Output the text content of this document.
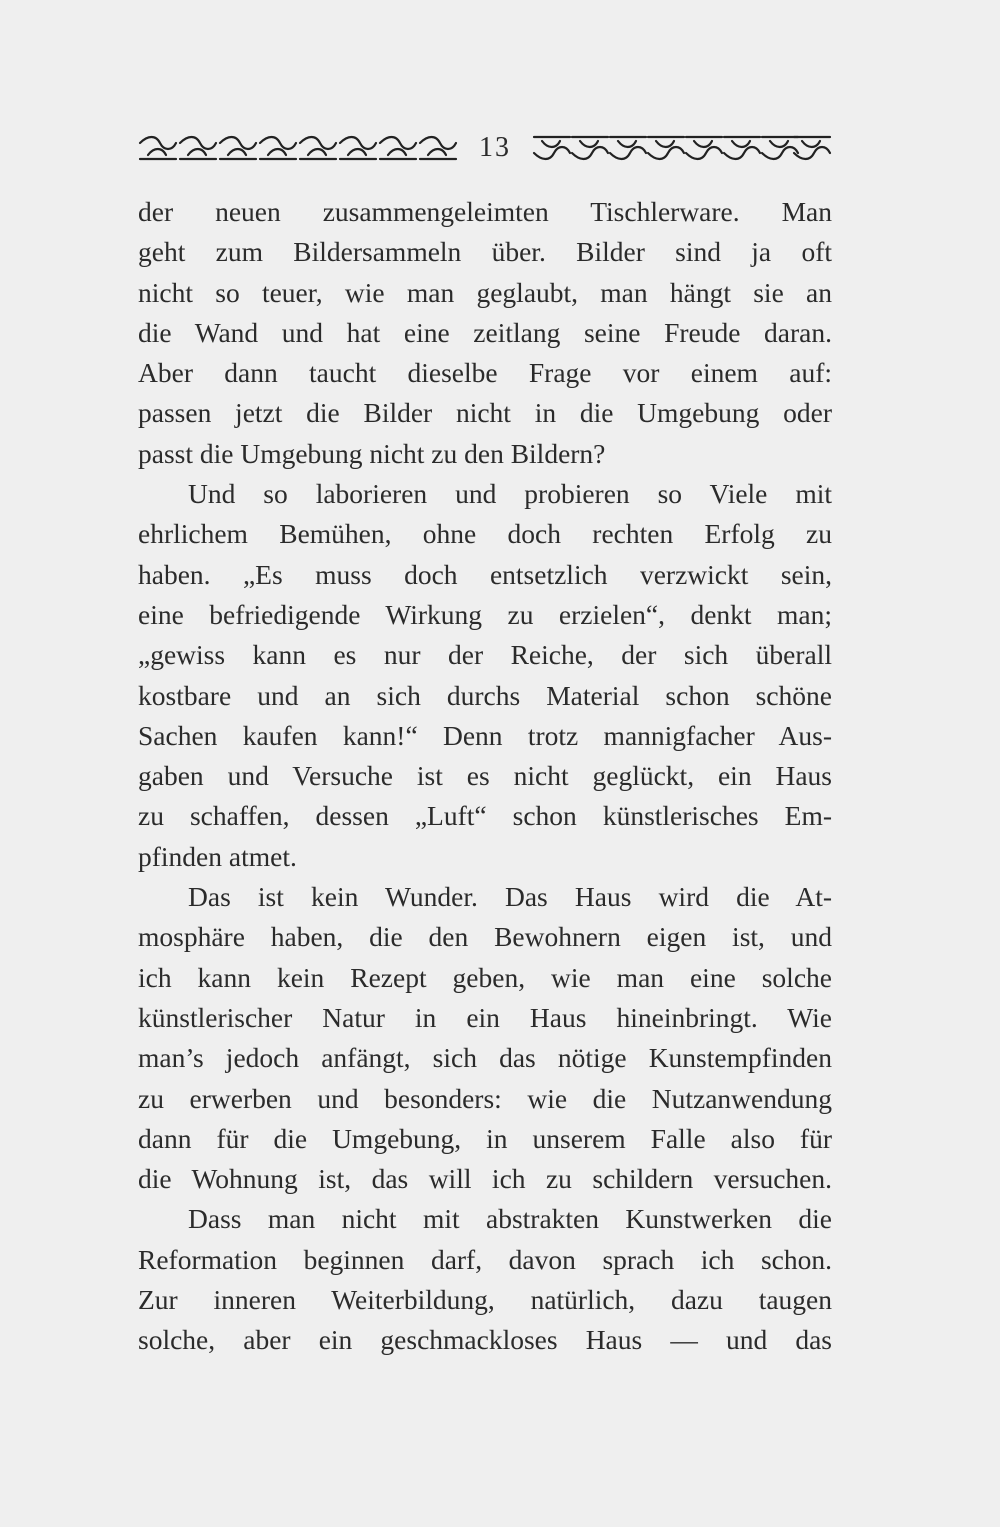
13

der neuen zusammengeleimten Tischlerware. Man
geht zum Bildersammeln über. Bilder sind ja oft
nicht so teuer, wie man geglaubt, man hängt sie an
die Wand und hat eine zeitlang seine Freude daran.
Aber dann taucht dieselbe Frage vor einem auf:
passen jetzt die Bilder nicht in die Umgebung oder
passt die Umgebung nicht zu den Bildern?

Und so laborieren und probieren so Viele mit
ehrlichem Bemühen, ohne doch rechten Erfolg zu
haben. „Es muss doch entsetzlich verzwickt sein,
eine befriedigende Wirkung zu erzielen“, denkt man;
„gewiss kann es nur der Reiche, der sich überall
kostbare und an sich durchs Material schon schöne
Sachen kaufen kann!“ Denn trotz mannigfacher Aus-
gaben und Versuche ist es nicht geglückt, ein Haus
zu schaffen, dessen „Luft“ schon künstlerisches Em-
pfinden atmet.

Das ist kein Wunder. Das Haus wird die At-
mosphäre haben, die den Bewohnern eigen ist, und
ich kann kein Rezept geben, wie man eine solche
künstlerischer Natur in ein Haus hineinbringt. Wie
man’s jedoch anfängt, sich das nötige Kunstempfinden
zu erwerben und besonders: wie die Nutzanwendung
dann für die Umgebung, in unserem Falle also für
die Wohnung ist, das will ich zu schildern versuchen.

Dass man nicht mit abstrakten Kunstwerken die
Reformation beginnen darf, davon sprach ich schon.
Zur inneren Weiterbildung, natürlich, dazu taugen
solche, aber ein geschmackloses Haus — und das
